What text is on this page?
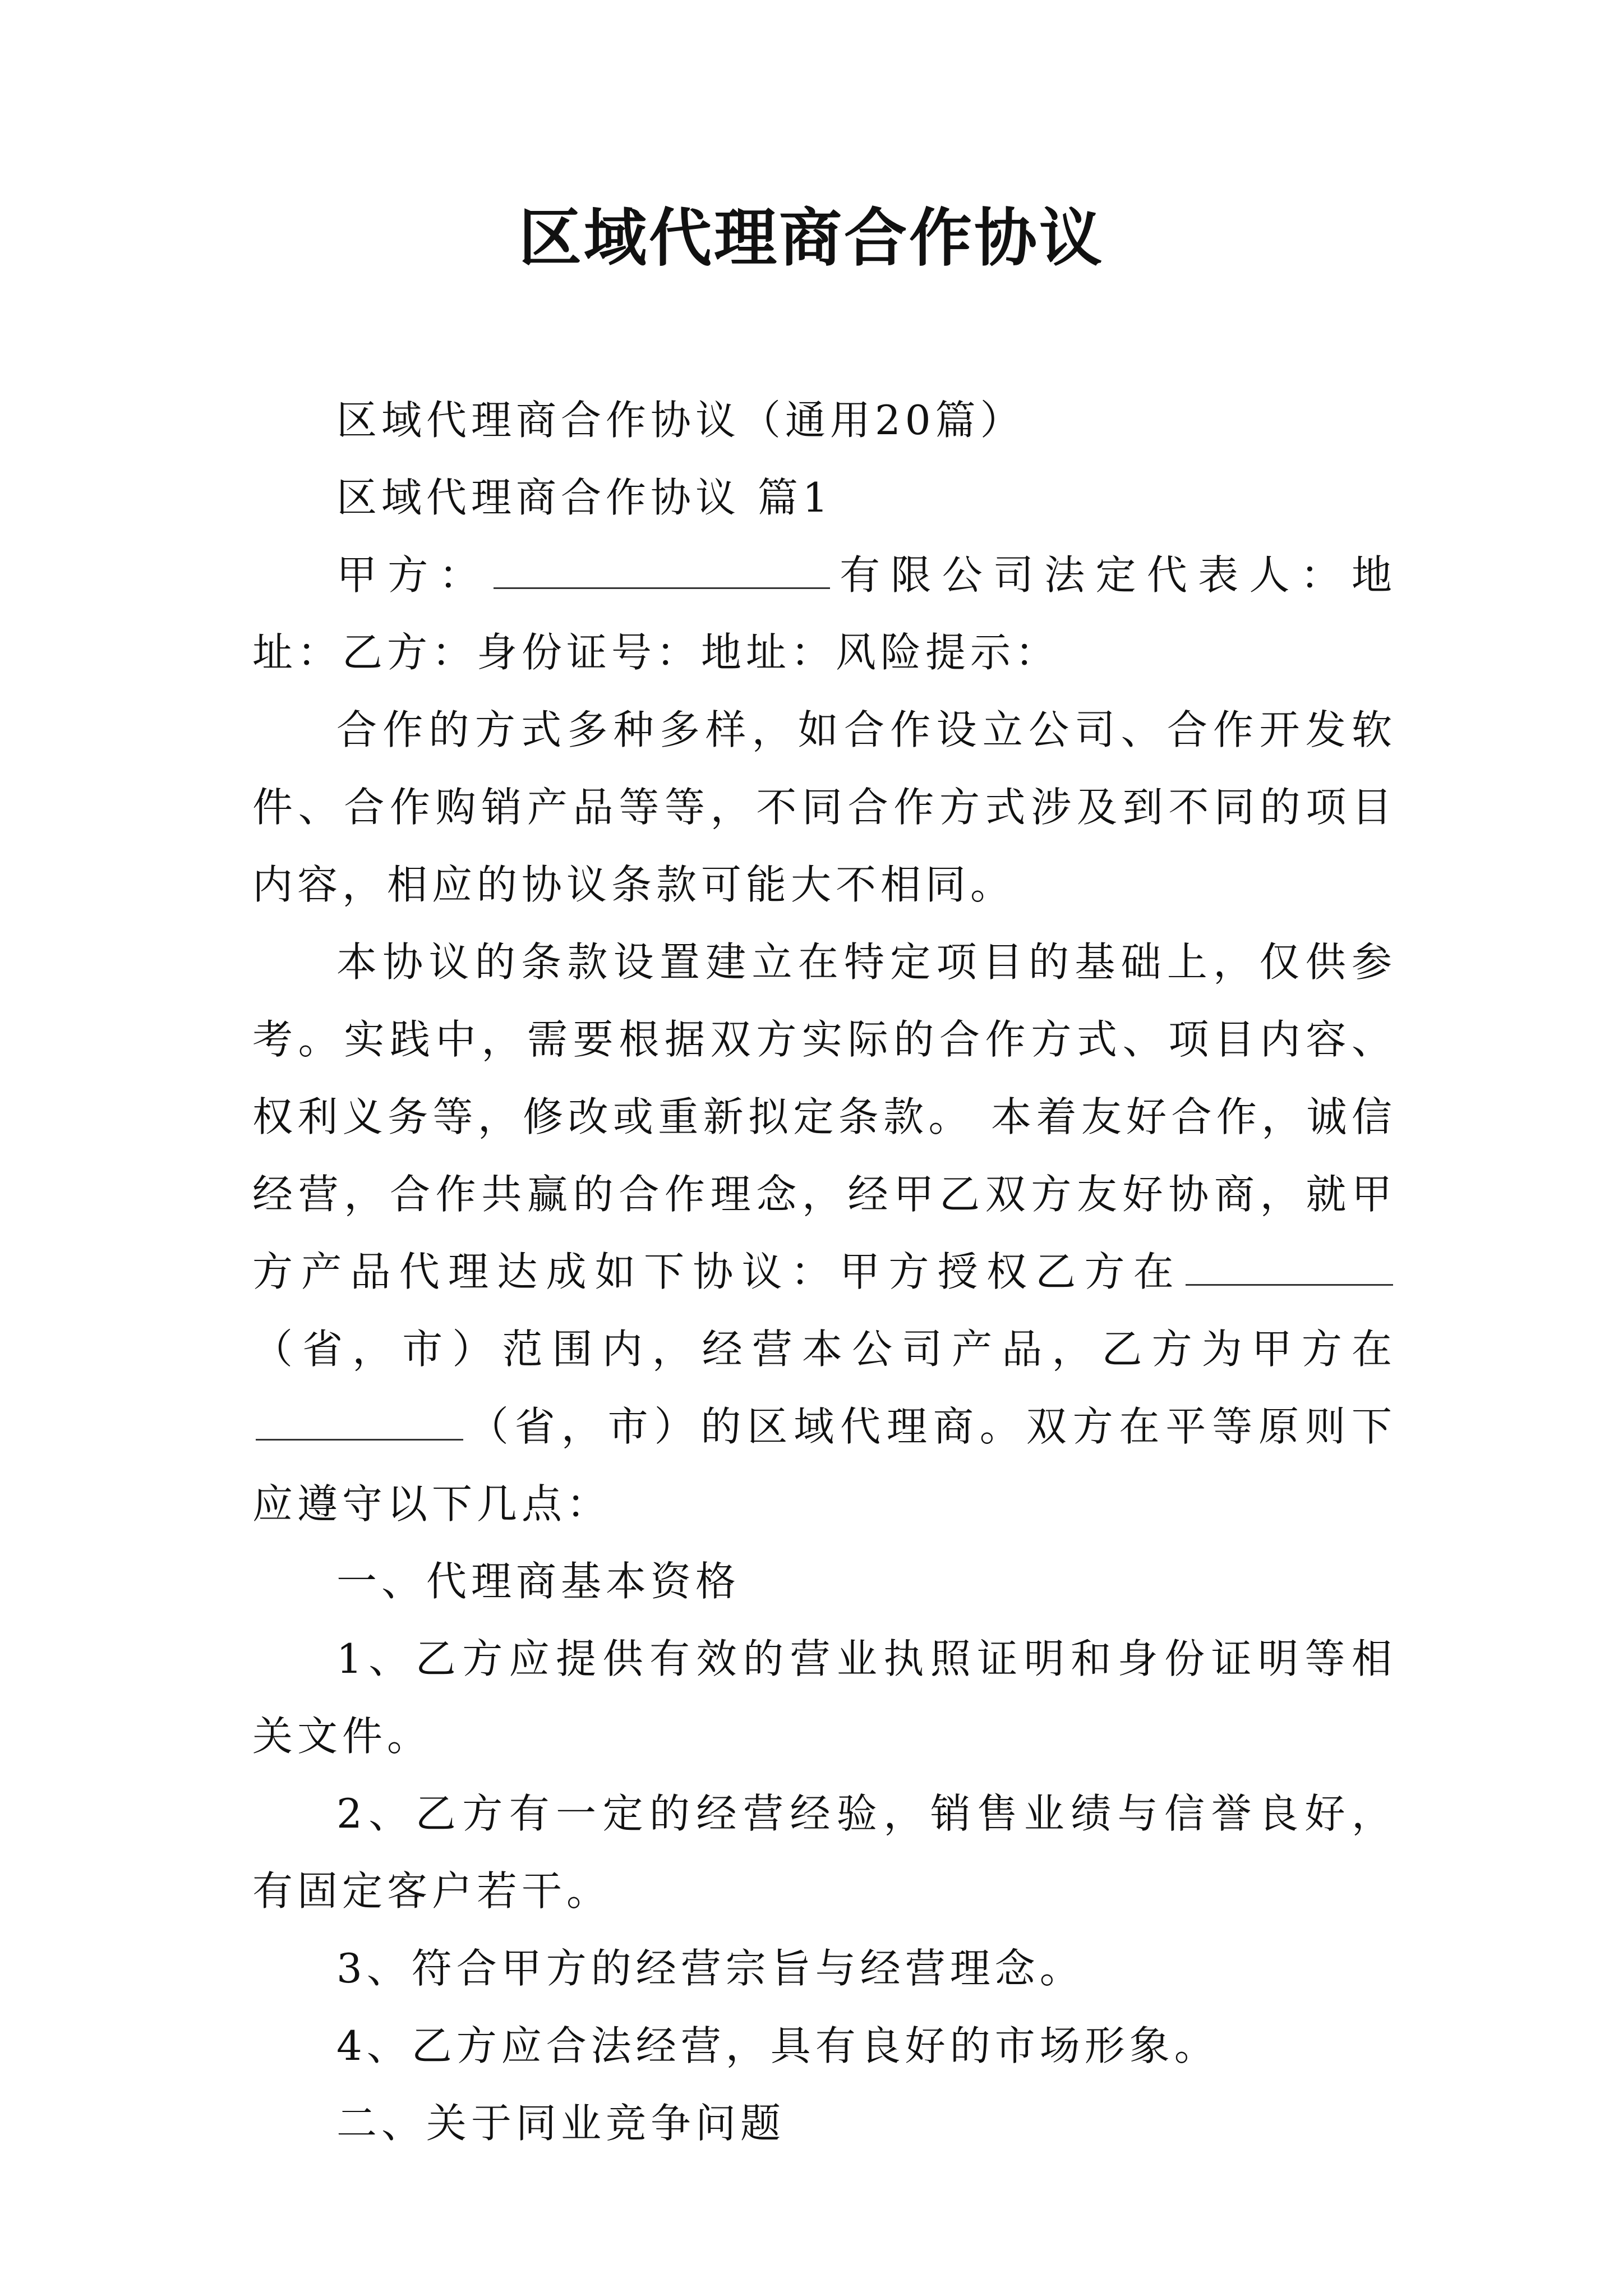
区域代理商合作协议

区域代理商合作协议（通用20篇）

区域代理商合作协议 篇1

甲方：	有限公司法定代表人：地址：乙方：身份证号：地址：风险提示：

合作的方式多种多样，如合作设立公司、合作开发软件、合作购销产品等等，不同合作方式涉及到不同的项目内容，相应的协议条款可能大不相同。

本协议的条款设置建立在特定项目的基础上，仅供参考。实践中，需要根据双方实际的合作方式、项目内容、权利义务等，修改或重新拟定条款。 本着友好合作，诚信经营，合作共赢的合作理念，经甲乙双方友好协商，就甲方产品代理达成如下协议：甲方授权乙方在（省，市）范围内，经营本公司产品，乙方为甲方在（省，市）的区域代理商。双方在平等原则下应遵守以下几点：

一、代理商基本资格

1、乙方应提供有效的营业执照证明和身份证明等相关文件。

2、乙方有一定的经营经验，销售业绩与信誉良好，有固定客户若干。

3、符合甲方的经营宗旨与经营理念。

4、乙方应合法经营，具有良好的市场形象。

二、关于同业竞争问题
